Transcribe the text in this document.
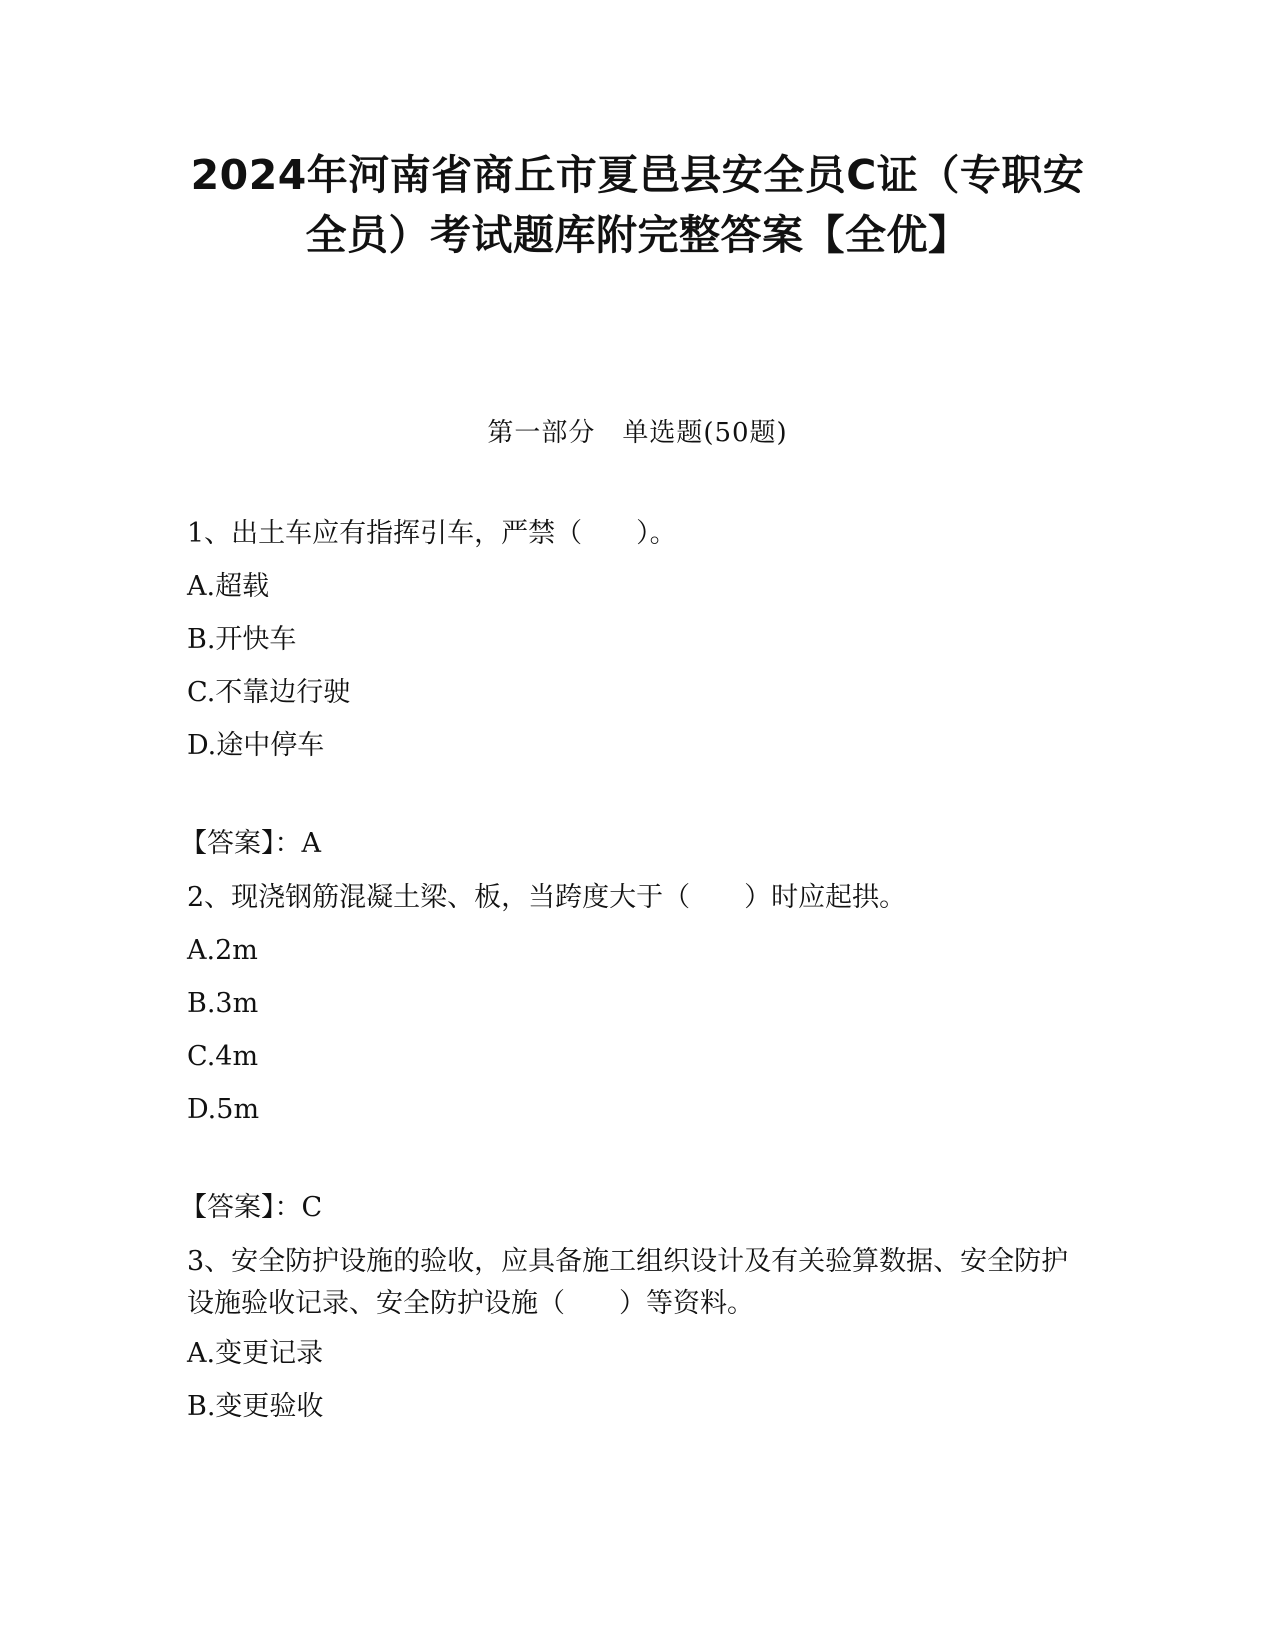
2024年河南省商丘市夏邑县安全员C证（专职安
全员）考试题库附完整答案【全优】
第一部分　单选题(50题)
1、出土车应有指挥引车，严禁（　　）。
A.超载
B.开快车
C.不靠边行驶
D.途中停车
【答案】：A
2、现浇钢筋混凝土梁、板，当跨度大于（　　）时应起拱。
A.2m
B.3m
C.4m
D.5m
【答案】：C
3、安全防护设施的验收，应具备施工组织设计及有关验算数据、安全防护设施验收记录、安全防护设施（　　）等资料。
A.变更记录
B.变更验收
